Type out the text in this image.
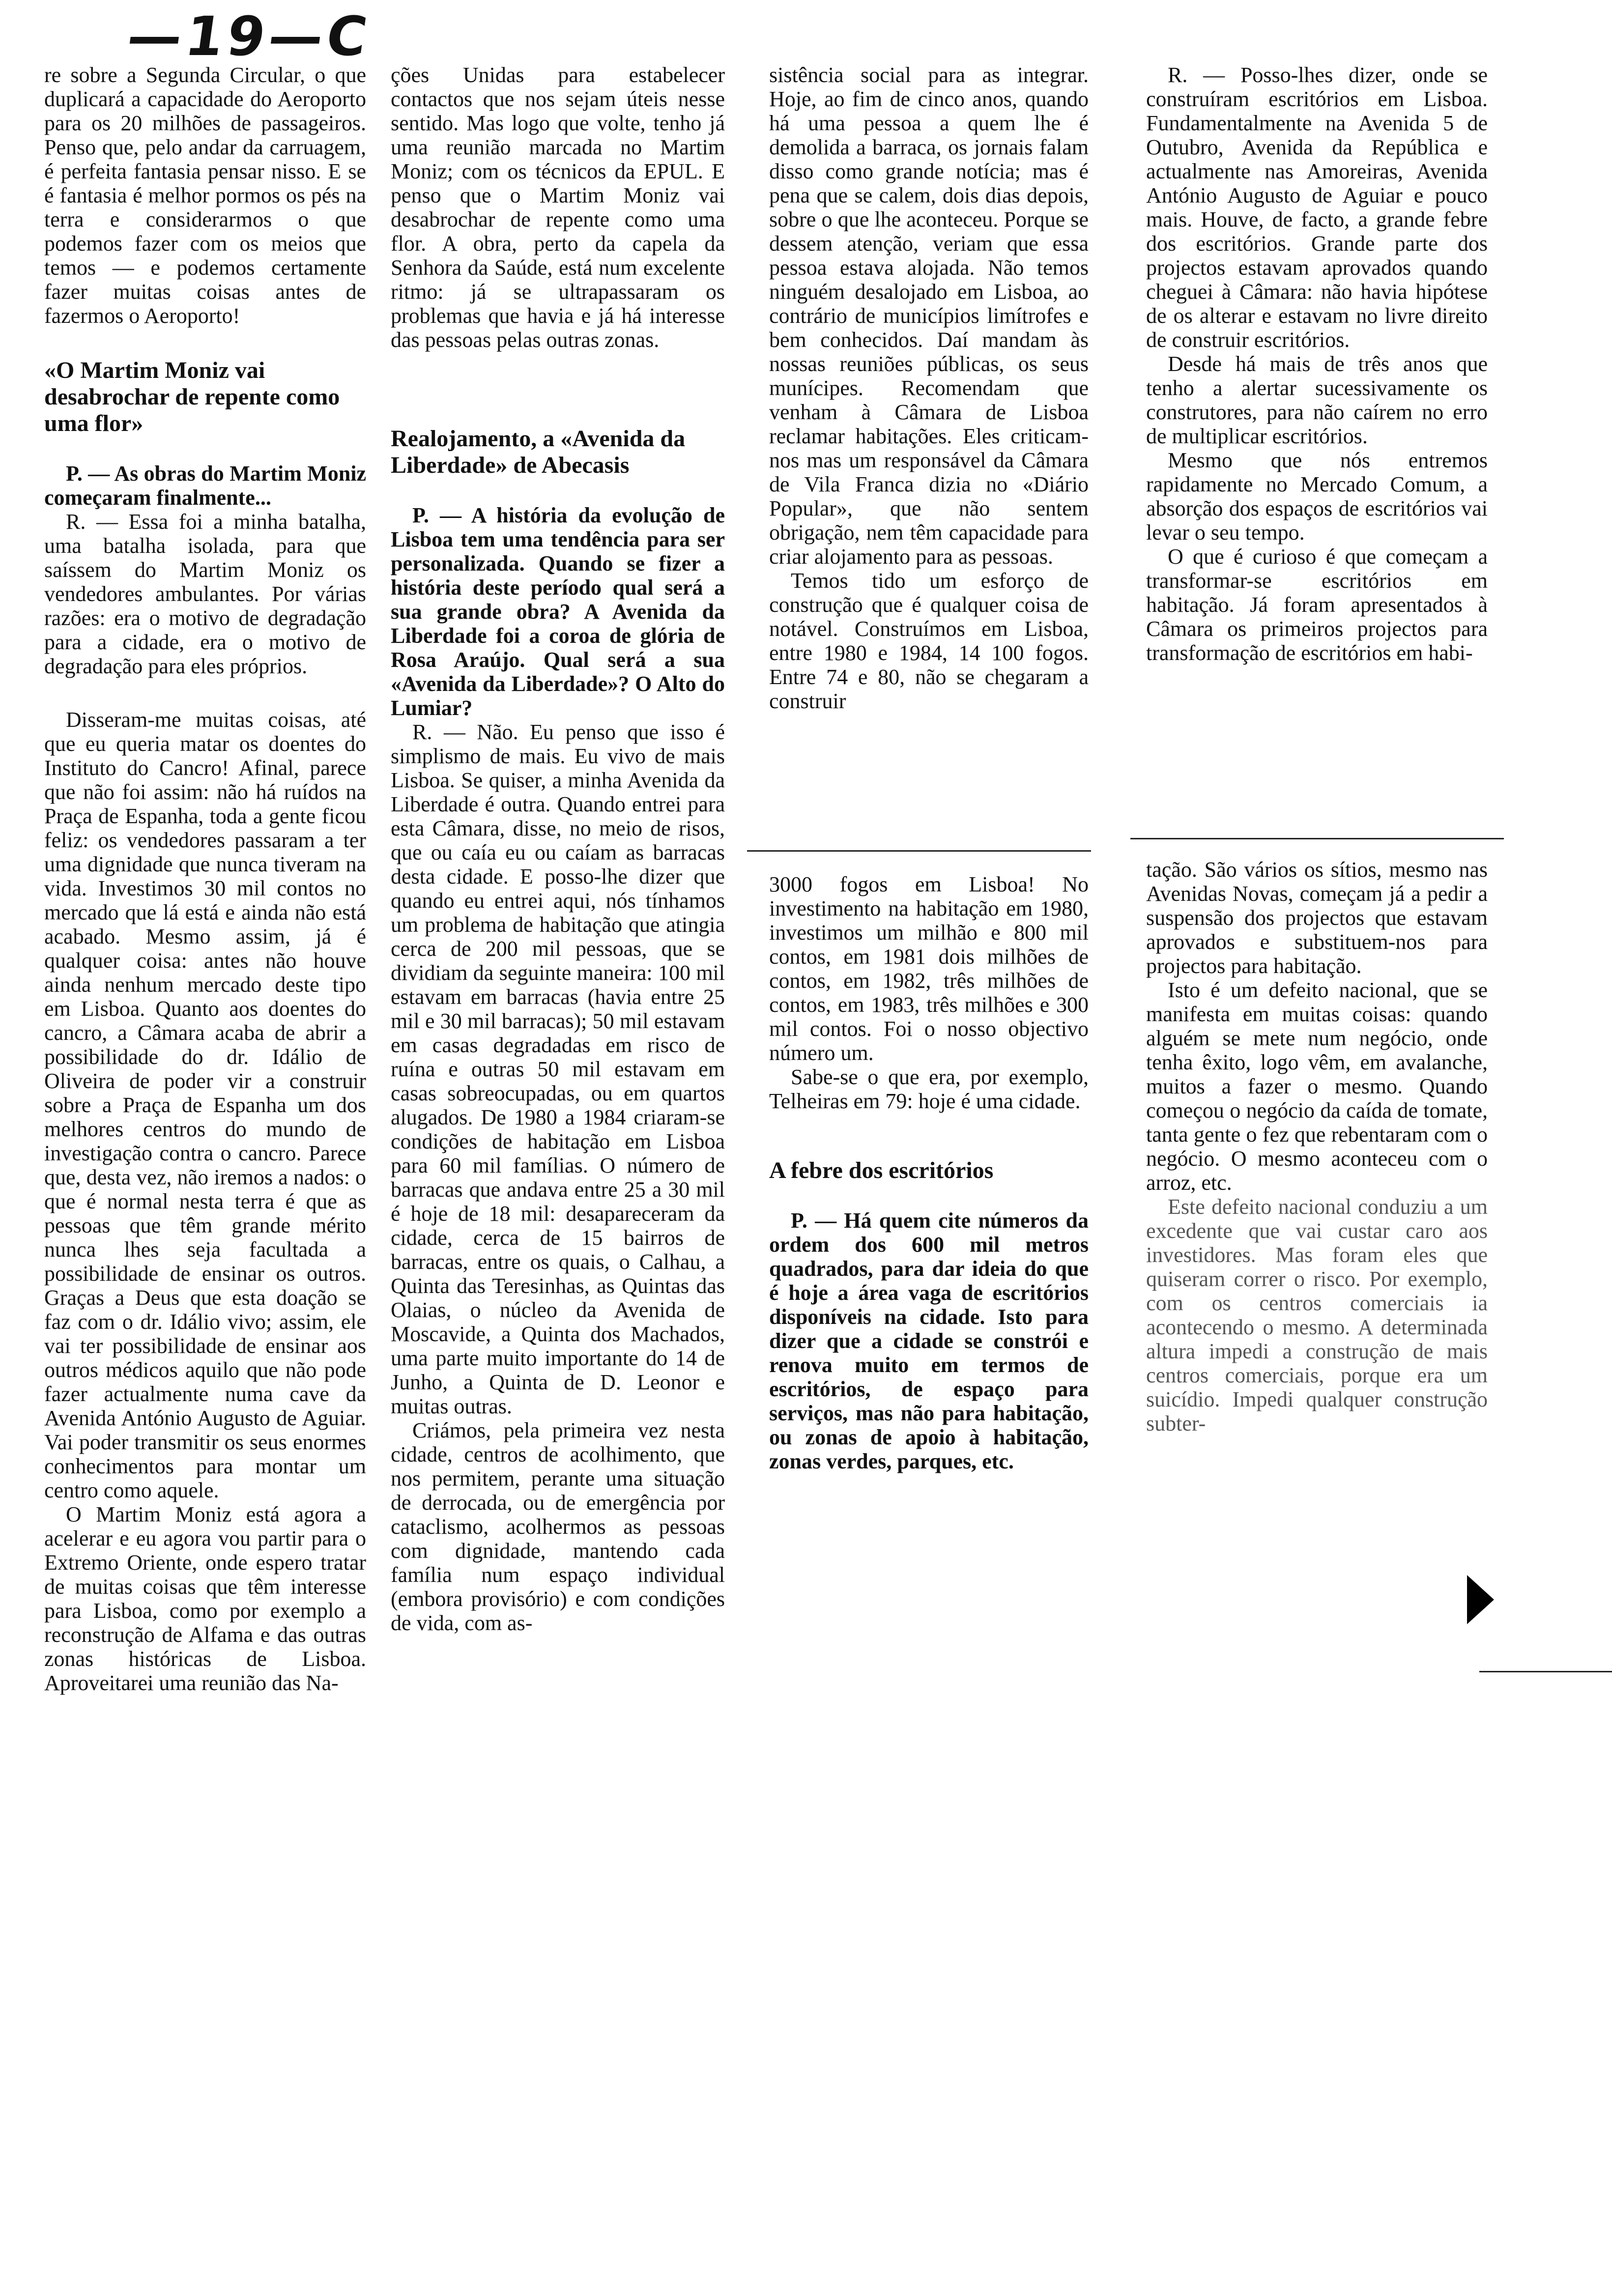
—19—C

re sobre a Segunda Circular, o que duplicará a capacidade do Aeroporto para os 20 milhões de passageiros. Penso que, pelo andar da carruagem, é perfeita fantasia pensar nisso. E se é fantasia é melhor pormos os pés na terra e considerarmos o que podemos fazer com os meios que temos — e podemos certamente fazer muitas coisas antes de fazermos o Aeroporto!

«O Martim Moniz vai desabrochar de repente como uma flor»

P. — As obras do Martim Moniz começaram finalmente...

R. — Essa foi a minha batalha, uma batalha isolada, para que saíssem do Martim Moniz os vendedores ambulantes. Por várias razões: era o motivo de degradação para a cidade, era o motivo de degradação para eles próprios.

Disseram-me muitas coisas, até que eu queria matar os doentes do Instituto do Cancro! Afinal, parece que não foi assim: não há ruídos na Praça de Espanha, toda a gente ficou feliz: os vendedores passaram a ter uma dignidade que nunca tiveram na vida. Investimos 30 mil contos no mercado que lá está e ainda não está acabado. Mesmo assim, já é qualquer coisa: antes não houve ainda nenhum mercado deste tipo em Lisboa. Quanto aos doentes do cancro, a Câmara acaba de abrir a possibilidade do dr. Idálio de Oliveira de poder vir a construir sobre a Praça de Espanha um dos melhores centros do mundo de investigação contra o cancro. Parece que, desta vez, não iremos a nados: o que é normal nesta terra é que as pessoas que têm grande mérito nunca lhes seja facultada a possibilidade de ensinar os outros. Graças a Deus que esta doação se faz com o dr. Idálio vivo; assim, ele vai ter possibilidade de ensinar aos outros médicos aquilo que não pode fazer actualmente numa cave da Avenida António Augusto de Aguiar. Vai poder transmitir os seus enormes conhecimentos para montar um centro como aquele.

O Martim Moniz está agora a acelerar e eu agora vou partir para o Extremo Oriente, onde espero tratar de muitas coisas que têm interesse para Lisboa, como por exemplo a reconstrução de Alfama e das outras zonas históricas de Lisboa. Aproveitarei uma reunião das Na-

ções Unidas para estabelecer contactos que nos sejam úteis nesse sentido. Mas logo que volte, tenho já uma reunião marcada no Martim Moniz; com os técnicos da EPUL. E penso que o Martim Moniz vai desabrochar de repente como uma flor. A obra, perto da capela da Senhora da Saúde, está num excelente ritmo: já se ultrapassaram os problemas que havia e já há interesse das pessoas pelas outras zonas.

Realojamento, a «Avenida da Liberdade» de Abecasis

P. — A história da evolução de Lisboa tem uma tendência para ser personalizada. Quando se fizer a história deste período qual será a sua grande obra? A Avenida da Liberdade foi a coroa de glória de Rosa Araújo. Qual será a sua «Avenida da Liberdade»? O Alto do Lumiar?

R. — Não. Eu penso que isso é simplismo de mais. Eu vivo de mais Lisboa. Se quiser, a minha Avenida da Liberdade é outra. Quando entrei para esta Câmara, disse, no meio de risos, que ou caía eu ou caíam as barracas desta cidade. E posso-lhe dizer que quando eu entrei aqui, nós tínhamos um problema de habitação que atingia cerca de 200 mil pessoas, que se dividiam da seguinte maneira: 100 mil estavam em barracas (havia entre 25 mil e 30 mil barracas); 50 mil estavam em casas degradadas em risco de ruína e outras 50 mil estavam em casas sobreocupadas, ou em quartos alugados. De 1980 a 1984 criaram-se condições de habitação em Lisboa para 60 mil famílias. O número de barracas que andava entre 25 a 30 mil é hoje de 18 mil: desapareceram da cidade, cerca de 15 bairros de barracas, entre os quais, o Calhau, a Quinta das Teresinhas, as Quintas das Olaias, o núcleo da Avenida de Moscavide, a Quinta dos Machados, uma parte muito importante do 14 de Junho, a Quinta de D. Leonor e muitas outras.

Criámos, pela primeira vez nesta cidade, centros de acolhimento, que nos permitem, perante uma situação de derrocada, ou de emergência por cataclismo, acolhermos as pessoas com dignidade, mantendo cada família num espaço individual (embora provisório) e com condições de vida, com as-

sistência social para as integrar. Hoje, ao fim de cinco anos, quando há uma pessoa a quem lhe é demolida a barraca, os jornais falam disso como grande notícia; mas é pena que se calem, dois dias depois, sobre o que lhe aconteceu. Porque se dessem atenção, veriam que essa pessoa estava alojada. Não temos ninguém desalojado em Lisboa, ao contrário de municípios limítrofes e bem conhecidos. Daí mandam às nossas reuniões públicas, os seus munícipes. Recomendam que venham à Câmara de Lisboa reclamar habitações. Eles criticam-nos mas um responsável da Câmara de Vila Franca dizia no «Diário Popular», que não sentem obrigação, nem têm capacidade para criar alojamento para as pessoas.

Temos tido um esforço de construção que é qualquer coisa de notável. Construímos em Lisboa, entre 1980 e 1984, 14 100 fogos. Entre 74 e 80, não se chegaram a construir

3000 fogos em Lisboa! No investimento na habitação em 1980, investimos um milhão e 800 mil contos, em 1981 dois milhões de contos, em 1982, três milhões de contos, em 1983, três milhões e 300 mil contos. Foi o nosso objectivo número um.

Sabe-se o que era, por exemplo, Telheiras em 79: hoje é uma cidade.

A febre dos escritórios

P. — Há quem cite números da ordem dos 600 mil metros quadrados, para dar ideia do que é hoje a área vaga de escritórios disponíveis na cidade. Isto para dizer que a cidade se constrói e renova muito em termos de escritórios, de espaço para serviços, mas não para habitação, ou zonas de apoio à habitação, zonas verdes, parques, etc.

R. — Posso-lhes dizer, onde se construíram escritórios em Lisboa. Fundamentalmente na Avenida 5 de Outubro, Avenida da República e actualmente nas Amoreiras, Avenida António Augusto de Aguiar e pouco mais. Houve, de facto, a grande febre dos escritórios. Grande parte dos projectos estavam aprovados quando cheguei à Câmara: não havia hipótese de os alterar e estavam no livre direito de construir escritórios.

Desde há mais de três anos que tenho a alertar sucessivamente os construtores, para não caírem no erro de multiplicar escritórios.

Mesmo que nós entremos rapidamente no Mercado Comum, a absorção dos espaços de escritórios vai levar o seu tempo.

O que é curioso é que começam a transformar-se escritórios em habitação. Já foram apresentados à Câmara os primeiros projectos para transformação de escritórios em habi-

tação. São vários os sítios, mesmo nas Avenidas Novas, começam já a pedir a suspensão dos projectos que estavam aprovados e substituem-nos para projectos para habitação.

Isto é um defeito nacional, que se manifesta em muitas coisas: quando alguém se mete num negócio, onde tenha êxito, logo vêm, em avalanche, muitos a fazer o mesmo. Quando começou o negócio da caída de tomate, tanta gente o fez que rebentaram com o negócio. O mesmo aconteceu com o arroz, etc.

Este defeito nacional conduziu a um excedente que vai custar caro aos investidores. Mas foram eles que quiseram correr o risco. Por exemplo, com os centros comerciais ia acontecendo o mesmo. A determinada altura impedi a construção de mais centros comerciais, porque era um suicídio. Impedi qualquer construção subter-
